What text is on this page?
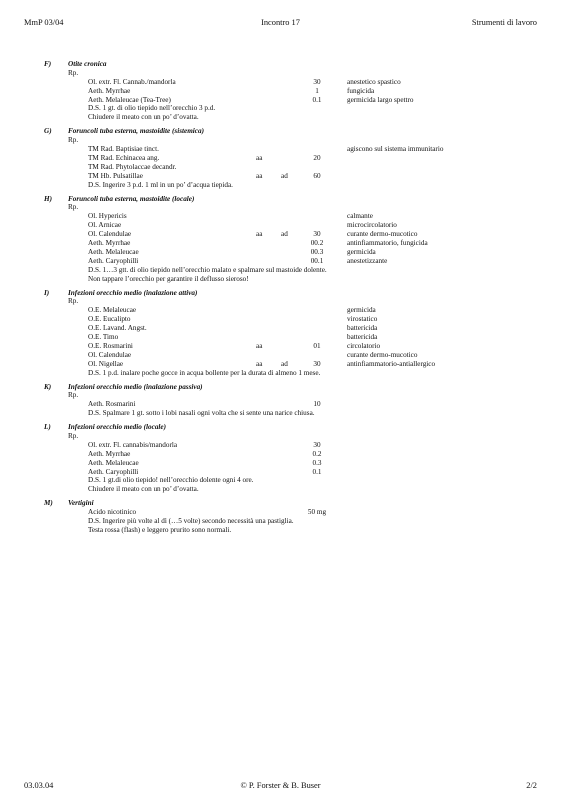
MmP 03/04	Incontro 17	Strumenti di lavoro
F)	Otite cronica
Rp.
Ol. extr. Fl. Cannab./mandorla	30	anestetico spastico
Aeth. Myrrhae	1	fungicida
Aeth. Melaleucae (Tea-Tree)	0.1	germicida largo spettro
D.S. 1 gt. di olio tiepido nell’orecchio 3 p.d.
Chiudere il meato con un po’ d’ovatta.
G)	Foruncoli tuba esterna, mastoidite (sistemica)
Rp.
TM Rad. Baptisiae tinct.	agiscono sul sistema immunitario
TM Rad. Echinacea ang.	aa	20
TM Rad. Phytolaccae decandr.
TM Hb. Pulsatillae	aa	ad	60
D.S. Ingerire 3 p.d. 1 ml in un po’ d’acqua tiepida.
H)	Foruncoli tuba esterna, mastoidite (locale)
Rp.
Ol. Hypericis	calmante
Ol. Arnicae	microcircolatorio
Ol. Calendulae	aa	ad	30	curante dermo-mucotico
Aeth. Myrrhae	00.2	antinfiammatorio, fungicida
Aeth. Melaleucae	00.3	germicida
Aeth. Caryophilli	00.1	anestetizzante
D.S. 1…3 gtt. di olio tiepido nell’orecchio malato e spalmare sul mastoide dolente.
Non tappare l’orecchio per garantire il deflusso sieroso!
I)	Infezioni orecchio medio (inalazione attiva)
Rp.
O.E. Melaleucae	germicida
O.E. Eucalipto	virostatico
O.E. Lavand. Angst.	battericida
O.E. Timo	battericida
O.E. Rosmarini	aa	01	circolatorio
Ol. Calendulae	curante dermo-mucotico
Ol. Nigellae	aa	ad	30	antinfiammatorio-antiallergico
D.S. 1 p.d. inalare poche gocce in acqua bollente per la durata di almeno 1 mese.
K)	Infezioni orecchio medio (inalazione passiva)
Rp.
Aeth. Rosmarini	10
D.S. Spalmare 1 gt. sotto i lobi nasali ogni volta che si sente una narice chiusa.
L)	Infezioni orecchio medio (locale)
Rp.
Ol. extr. Fl. cannabis/mandorla	30
Aeth. Myrrhae	0.2
Aeth. Melaleucae	0.3
Aeth. Caryophilli	0.1
D.S. 1 gt.di olio tiepido! nell’orecchio dolente ogni 4 ore.
Chiudere il meato con un po’ d’ovatta.
M)	Vertigini
Acido nicotinico	50 mg
D.S. Ingerire più volte al dì (…5 volte) secondo necessità una pastiglia.
Testa rossa (flash) e leggero prurito sono normali.
03.03.04	© P. Forster & B. Buser	2/2
